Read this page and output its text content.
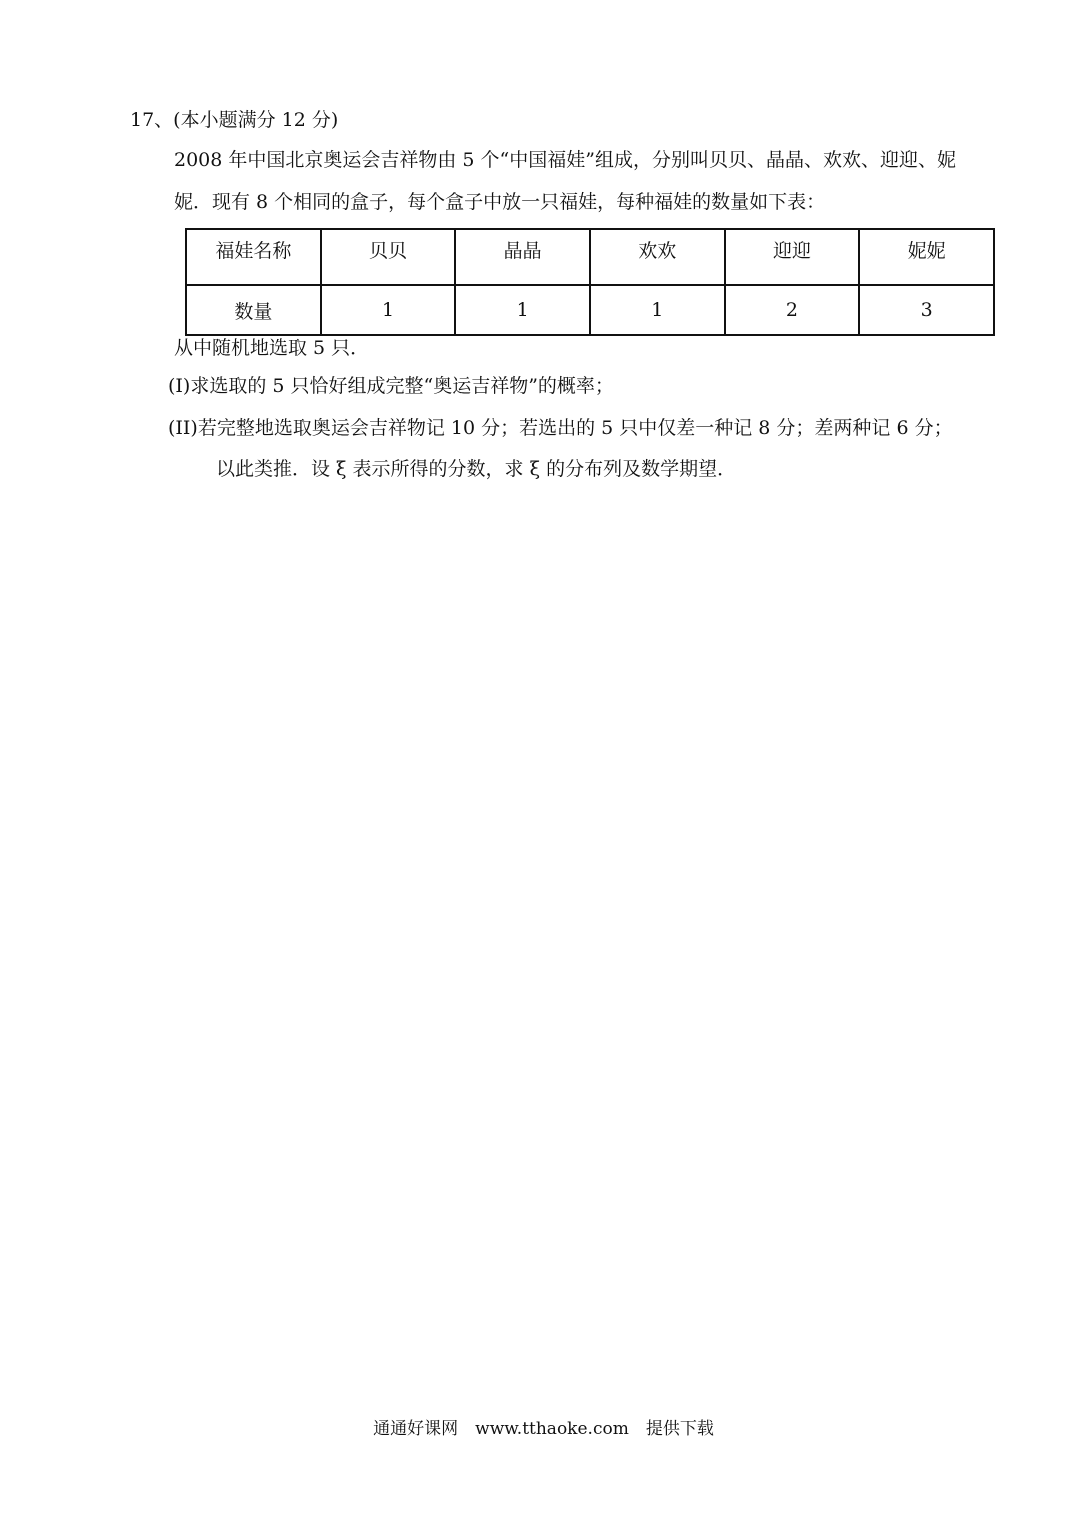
17、(本小题满分 12 分)
2008 年中国北京奥运会吉祥物由 5 个“中国福娃”组成，分别叫贝贝、晶晶、欢欢、迎迎、妮
妮．现有 8 个相同的盒子，每个盒子中放一只福娃，每种福娃的数量如下表：
福娃名称	贝贝	晶晶	欢欢	迎迎	妮妮
数量	1	1	1	2	3
从中随机地选取 5 只．
(Ⅰ)求选取的 5 只恰好组成完整“奥运吉祥物”的概率；
(II)若完整地选取奥运会吉祥物记 10 分；若选出的 5 只中仅差一种记 8 分；差两种记 6 分；
以此类推．设 ξ 表示所得的分数，求 ξ 的分布列及数学期望．
通通好课网　www.tthaoke.com　提供下载
